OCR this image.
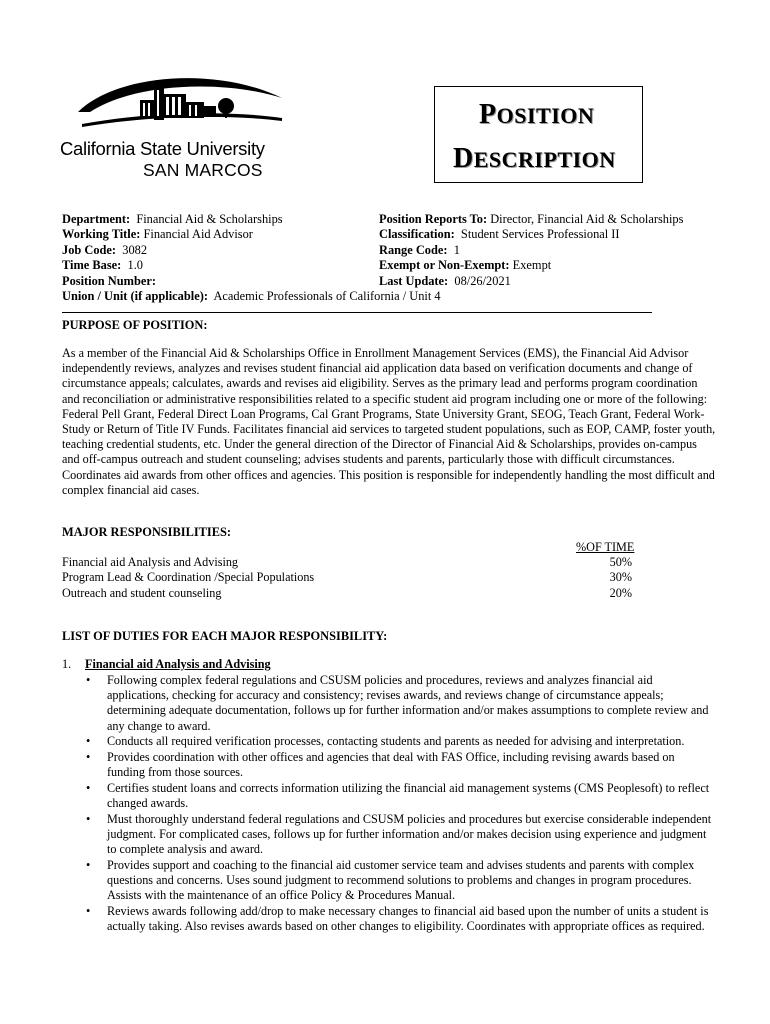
California State University
SAN MARCOS
POSITION
DESCRIPTION
Department: Financial Aid & Scholarships
Working Title: Financial Aid Advisor
Job Code: 3082
Time Base: 1.0
Position Number:
Position Reports To: Director, Financial Aid & Scholarships
Classification: Student Services Professional II
Range Code: 1
Exempt or Non-Exempt: Exempt
Last Update: 08/26/2021
Union / Unit (if applicable): Academic Professionals of California / Unit 4
PURPOSE OF POSITION:
As a member of the Financial Aid & Scholarships Office in Enrollment Management Services (EMS), the Financial Aid Advisor independently reviews, analyzes and revises student financial aid application data based on verification documents and change of circumstance appeals; calculates, awards and revises aid eligibility. Serves as the primary lead and performs program coordination and reconciliation or administrative responsibilities related to a specific student aid program including one or more of the following: Federal Pell Grant, Federal Direct Loan Programs, Cal Grant Programs, State University Grant, SEOG, Teach Grant, Federal Work-Study or Return of Title IV Funds. Facilitates financial aid services to targeted student populations, such as EOP, CAMP, foster youth, teaching credential students, etc. Under the general direction of the Director of Financial Aid & Scholarships, provides on-campus and off-campus outreach and student counseling; advises students and parents, particularly those with difficult circumstances. Coordinates aid awards from other offices and agencies. This position is responsible for independently handling the most difficult and complex financial aid cases.
MAJOR RESPONSIBILITIES:
%OF TIME
Financial aid Analysis and Advising	50%
Program Lead & Coordination /Special Populations	30%
Outreach and student counseling	20%
LIST OF DUTIES FOR EACH MAJOR RESPONSIBILITY:
1. Financial aid Analysis and Advising
• Following complex federal regulations and CSUSM policies and procedures, reviews and analyzes financial aid applications, checking for accuracy and consistency; revises awards, and reviews change of circumstance appeals; determining adequate documentation, follows up for further information and/or makes assumptions to complete review and any change to award.
• Conducts all required verification processes, contacting students and parents as needed for advising and interpretation.
• Provides coordination with other offices and agencies that deal with FAS Office, including revising awards based on funding from those sources.
• Certifies student loans and corrects information utilizing the financial aid management systems (CMS Peoplesoft) to reflect changed awards.
• Must thoroughly understand federal regulations and CSUSM policies and procedures but exercise considerable independent judgment. For complicated cases, follows up for further information and/or makes decision using experience and judgment to complete analysis and award.
• Provides support and coaching to the financial aid customer service team and advises students and parents with complex questions and concerns. Uses sound judgment to recommend solutions to problems and changes in program procedures. Assists with the maintenance of an office Policy & Procedures Manual.
• Reviews awards following add/drop to make necessary changes to financial aid based upon the number of units a student is actually taking. Also revises awards based on other changes to eligibility. Coordinates with appropriate offices as required.
